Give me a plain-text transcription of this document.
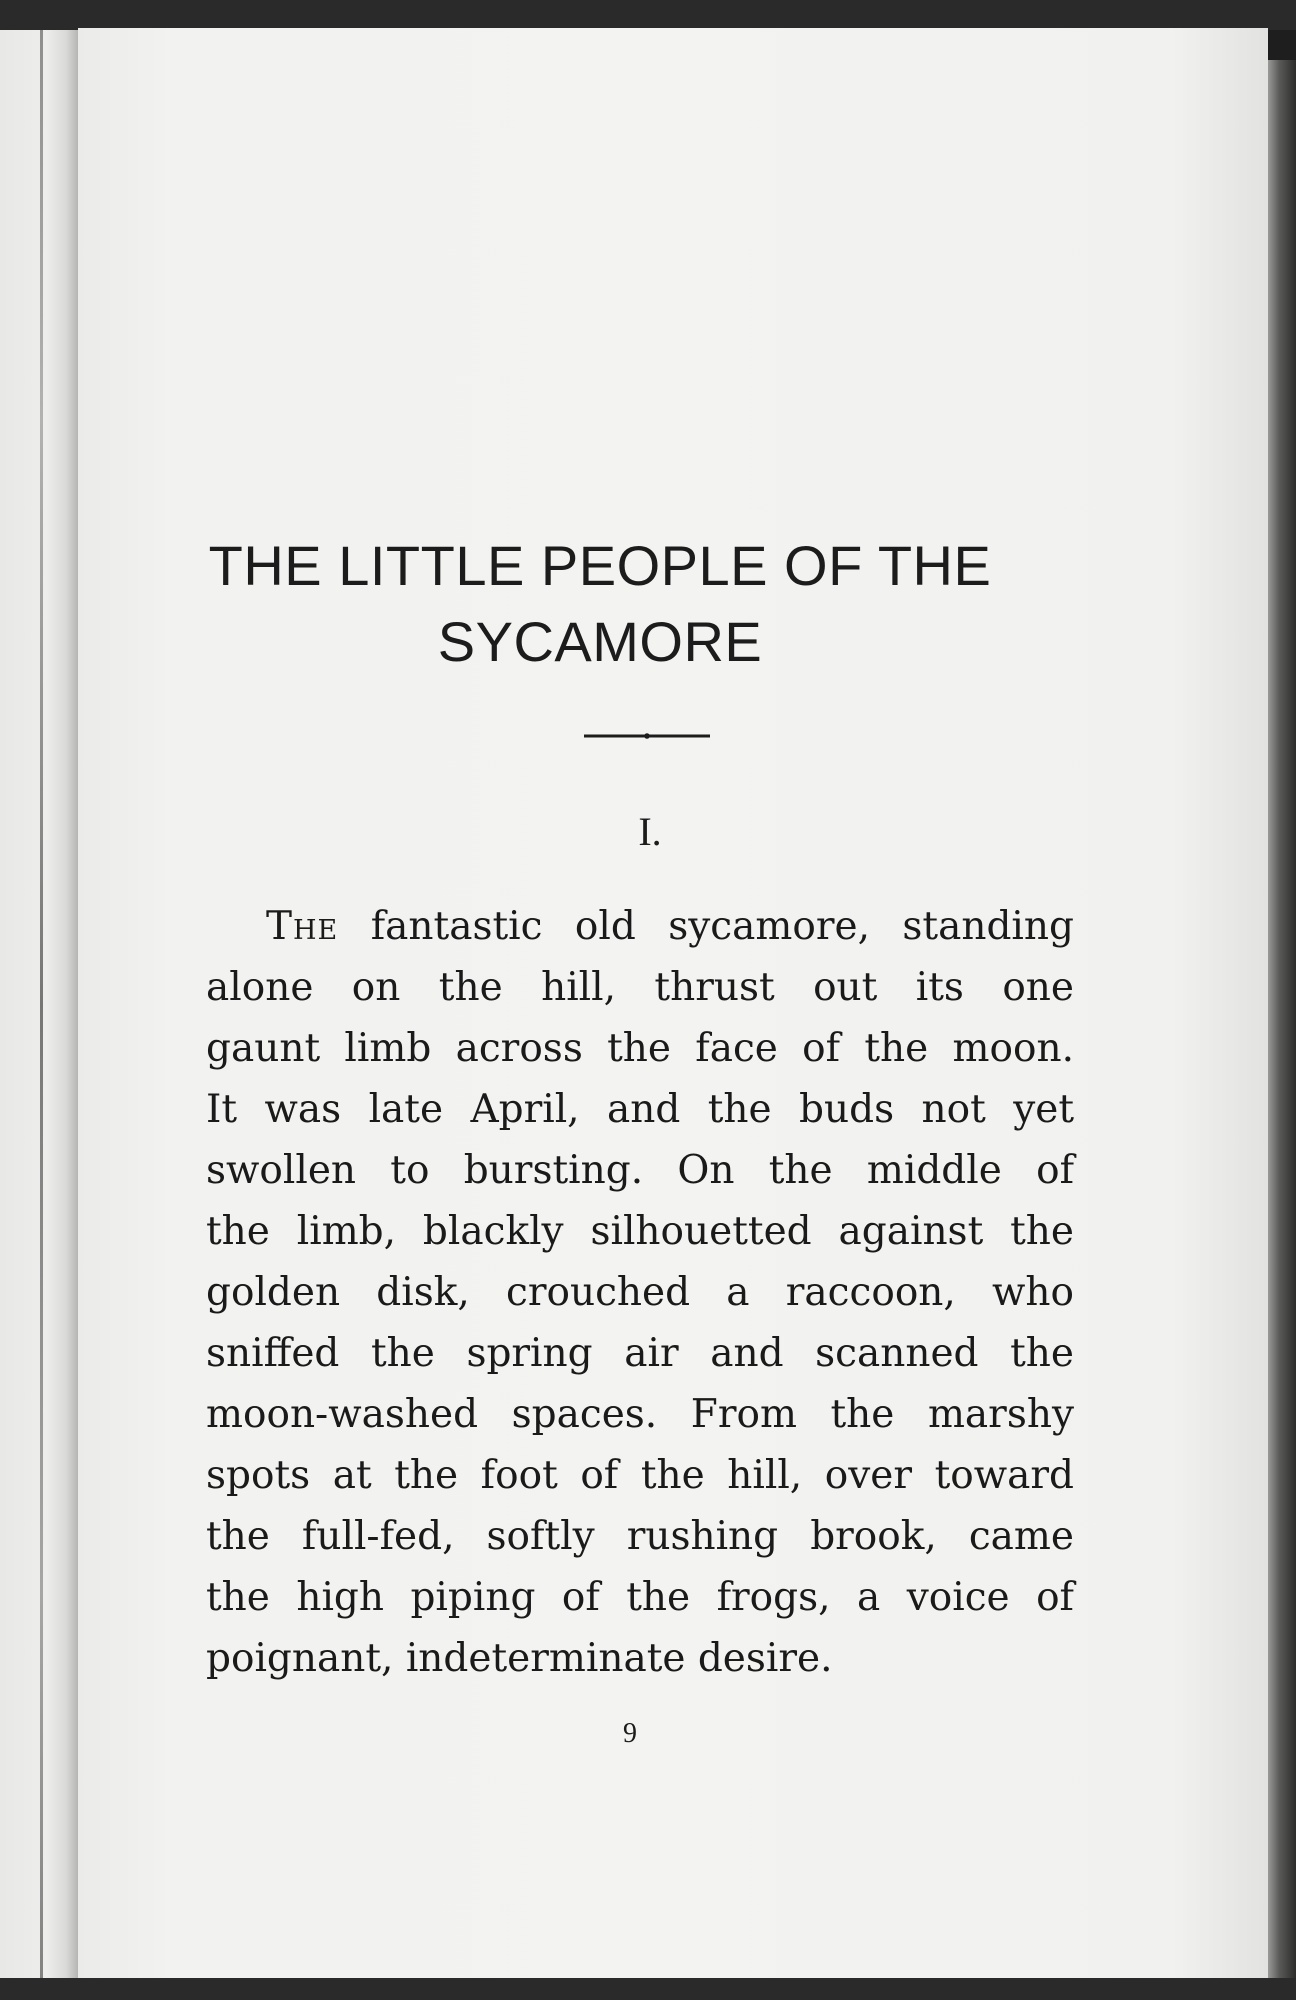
THE LITTLE PEOPLE OF THE
SYCAMORE

I.

The fantastic old sycamore, standing
alone on the hill, thrust out its one
gaunt limb across the face of the moon.
It was late April, and the buds not yet
swollen to bursting. On the middle of
the limb, blackly silhouetted against the
golden disk, crouched a raccoon, who
sniffed the spring air and scanned the
moon-washed spaces. From the marshy
spots at the foot of the hill, over toward
the full-fed, softly rushing brook, came
the high piping of the frogs, a voice of
poignant, indeterminate desire.

9
